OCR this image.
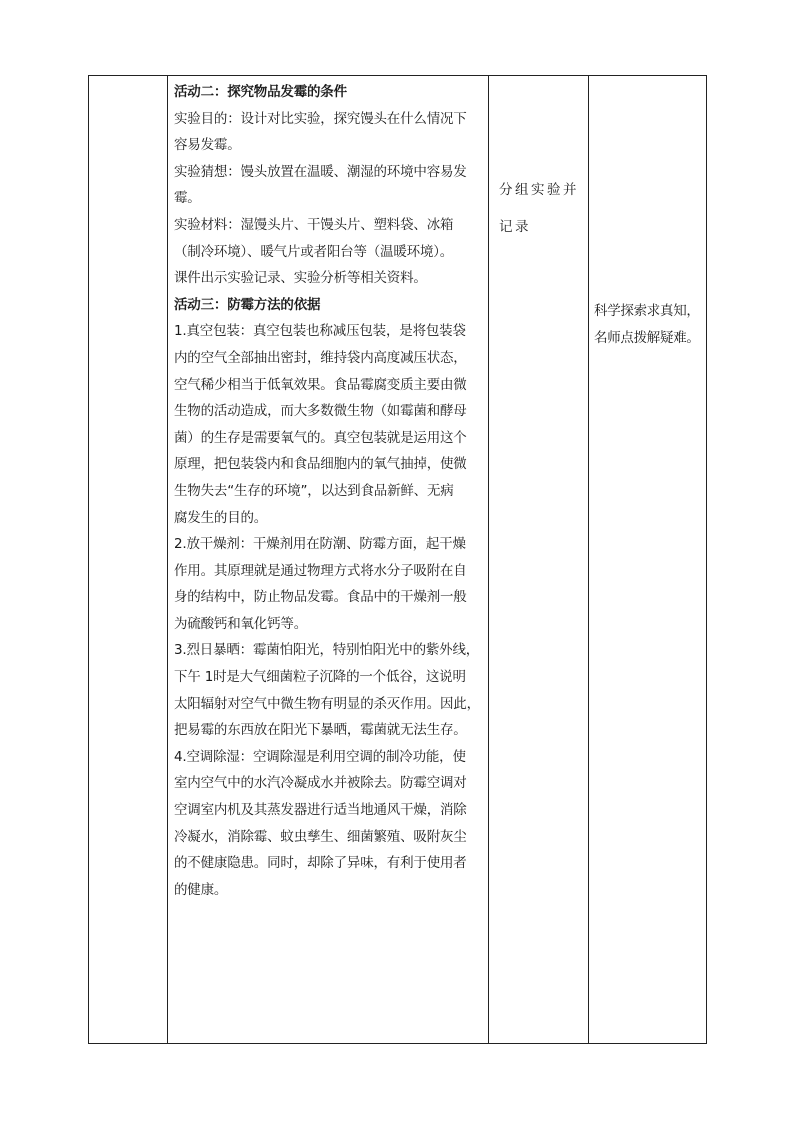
活动二：探究物品发霉的条件
实验目的：设计对比实验，探究馒头在什么情况下
容易发霉。
实验猜想：馒头放置在温暖、潮湿的环境中容易发
霉。
实验材料：湿馒头片、干馒头片、塑料袋、冰箱
（制冷环境）、暖气片或者阳台等（温暖环境）。
课件出示实验记录、实验分析等相关资料。
活动三：防霉方法的依据
1.真空包装：真空包装也称减压包装，是将包装袋
内的空气全部抽出密封，维持袋内高度减压状态，
空气稀少相当于低氧效果。食品霉腐变质主要由微
生物的活动造成，而大多数微生物（如霉菌和酵母
菌）的生存是需要氧气的。真空包装就是运用这个
原理，把包装袋内和食品细胞内的氧气抽掉，使微
生物失去“生存的环境”，以达到食品新鲜、无病
腐发生的目的。
2.放干燥剂：干燥剂用在防潮、防霉方面，起干燥
作用。其原理就是通过物理方式将水分子吸附在自
身的结构中，防止物品发霉。食品中的干燥剂一般
为硫酸钙和氧化钙等。
3.烈日暴晒：霉菌怕阳光，特别怕阳光中的紫外线，
下午 1时是大气细菌粒子沉降的一个低谷，这说明
太阳辐射对空气中微生物有明显的杀灭作用。因此，
把易霉的东西放在阳光下暴晒，霉菌就无法生存。
4.空调除湿：空调除湿是利用空调的制冷功能，使
室内空气中的水汽冷凝成水并被除去。防霉空调对
空调室内机及其蒸发器进行适当地通风干燥，消除
冷凝水，消除霉、蚊虫孳生、细菌繁殖、吸附灰尘
的不健康隐患。同时，却除了异味，有利于使用者
的健康。
分组实验并
记录
科学探索求真知，
名师点拨解疑难。
